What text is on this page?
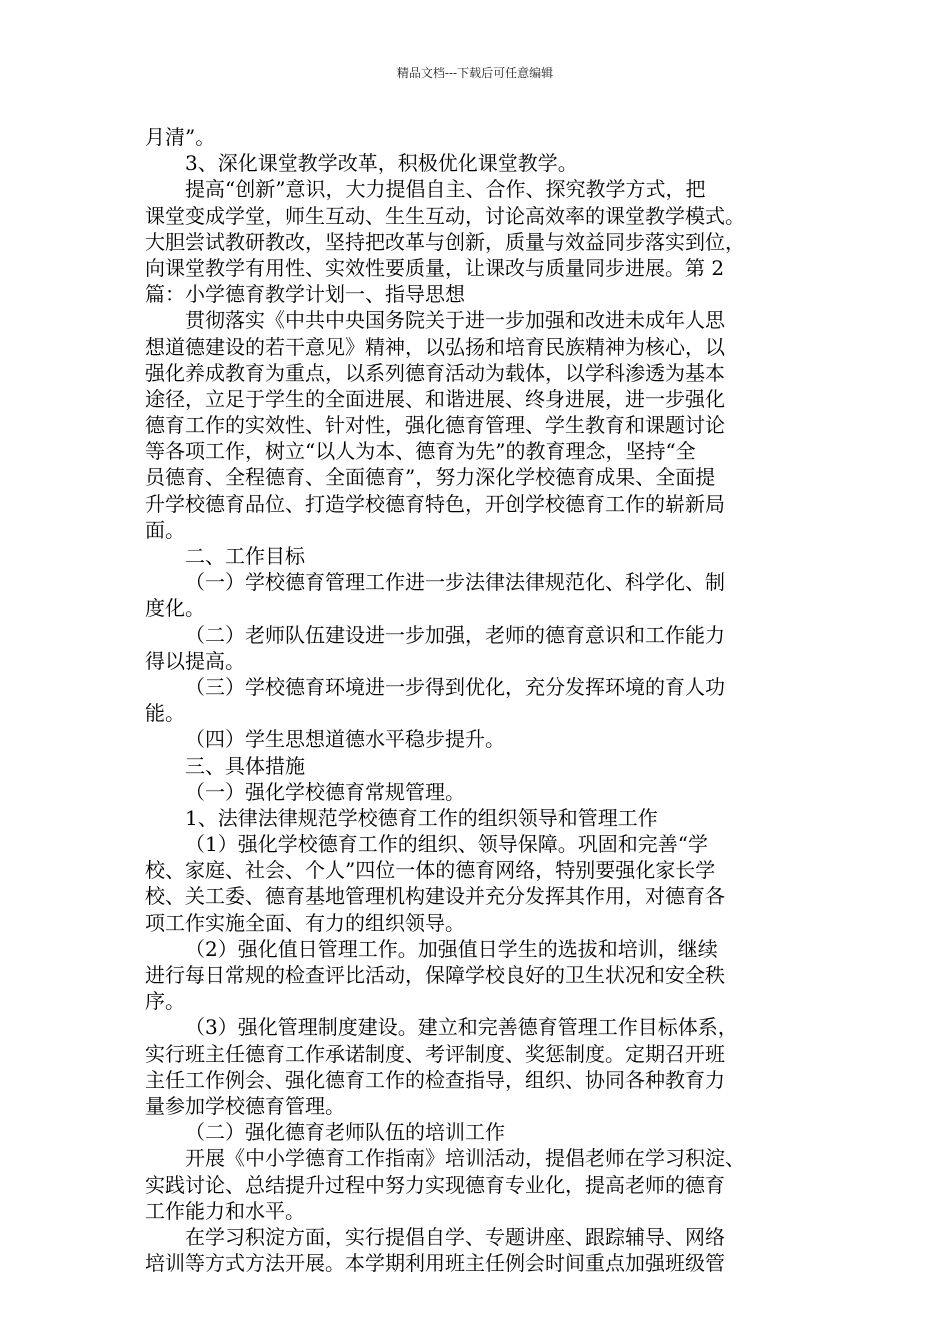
精品文档---下载后可任意编辑
月清”。
3、深化课堂教学改革，积极优化课堂教学。
提高“创新”意识，大力提倡自主、合作、探究教学方式，把
课堂变成学堂，师生互动、生生互动，讨论高效率的课堂教学模式。
大胆尝试教研教改，坚持把改革与创新，质量与效益同步落实到位，
向课堂教学有用性、实效性要质量，让课改与质量同步进展。第 2
篇：小学德育教学计划一、指导思想
贯彻落实《中共中央国务院关于进一步加强和改进未成年人思
想道德建设的若干意见》精神，以弘扬和培育民族精神为核心，以
强化养成教育为重点，以系列德育活动为载体，以学科渗透为基本
途径，立足于学生的全面进展、和谐进展、终身进展，进一步强化
德育工作的实效性、针对性，强化德育管理、学生教育和课题讨论
等各项工作，树立“以人为本、德育为先”的教育理念，坚持“全
员德育、全程德育、全面德育”，努力深化学校德育成果、全面提
升学校德育品位、打造学校德育特色，开创学校德育工作的崭新局
面。
二、工作目标
（一）学校德育管理工作进一步法律法律规范化、科学化、制
度化。
（二）老师队伍建设进一步加强，老师的德育意识和工作能力
得以提高。
（三）学校德育环境进一步得到优化，充分发挥环境的育人功
能。
（四）学生思想道德水平稳步提升。
三、具体措施
（一）强化学校德育常规管理。
1、法律法律规范学校德育工作的组织领导和管理工作
（1）强化学校德育工作的组织、领导保障。巩固和完善“学
校、家庭、社会、个人”四位一体的德育网络，特别要强化家长学
校、关工委、德育基地管理机构建设并充分发挥其作用，对德育各
项工作实施全面、有力的组织领导。
（2）强化值日管理工作。加强值日学生的选拔和培训，继续
进行每日常规的检查评比活动，保障学校良好的卫生状况和安全秩
序。
（3）强化管理制度建设。建立和完善德育管理工作目标体系，
实行班主任德育工作承诺制度、考评制度、奖惩制度。定期召开班
主任工作例会、强化德育工作的检查指导，组织、协同各种教育力
量参加学校德育管理。
（二）强化德育老师队伍的培训工作
开展《中小学德育工作指南》培训活动，提倡老师在学习积淀、
实践讨论、总结提升过程中努力实现德育专业化，提高老师的德育
工作能力和水平。
在学习积淀方面，实行提倡自学、专题讲座、跟踪辅导、网络
培训等方式方法开展。本学期利用班主任例会时间重点加强班级管
